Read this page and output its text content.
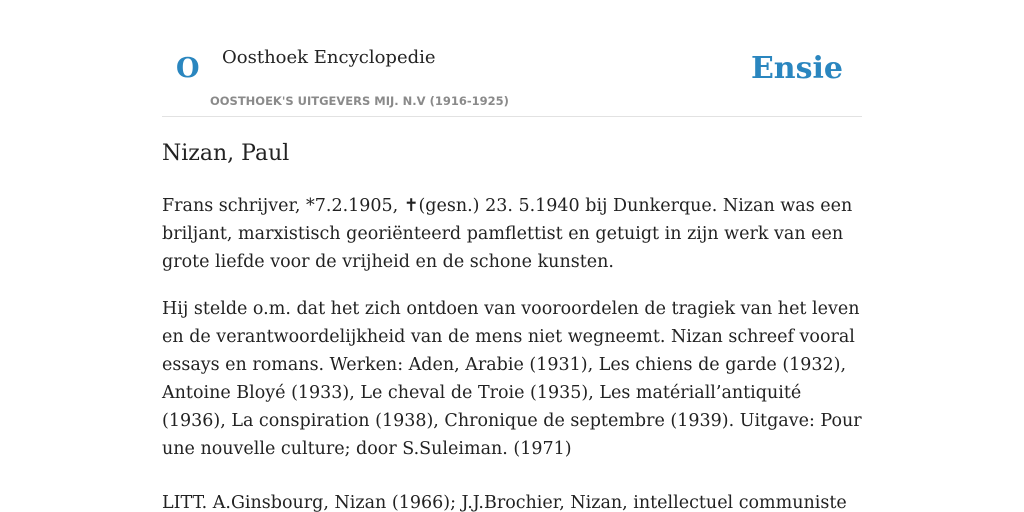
O Oosthoek Encyclopedie
OOSTHOEK'S UITGEVERS MIJ. N.V (1916-1925)
Ensie
Nizan, Paul

Frans schrijver, *7.2.1905, ✝(gesn.) 23. 5.1940 bij Dunkerque. Nizan was een briljant, marxistisch georiënteerd pamflettist en getuigt in zijn werk van een grote liefde voor de vrijheid en de schone kunsten.

Hij stelde o.m. dat het zich ontdoen van vooroordelen de tragiek van het leven en de verantwoordelijkheid van de mens niet wegneemt. Nizan schreef vooral essays en romans. Werken: Aden, Arabie (1931), Les chiens de garde (1932), Antoine Bloyé (1933), Le cheval de Troie (1935), Les matériall’antiquité (1936), La conspiration (1938), Chronique de septembre (1939). Uitgave: Pour une nouvelle culture; door S.Suleiman. (1971)

LITT. A.Ginsbourg, Nizan (1966); J.J.Brochier, Nizan, intellectuel communiste
